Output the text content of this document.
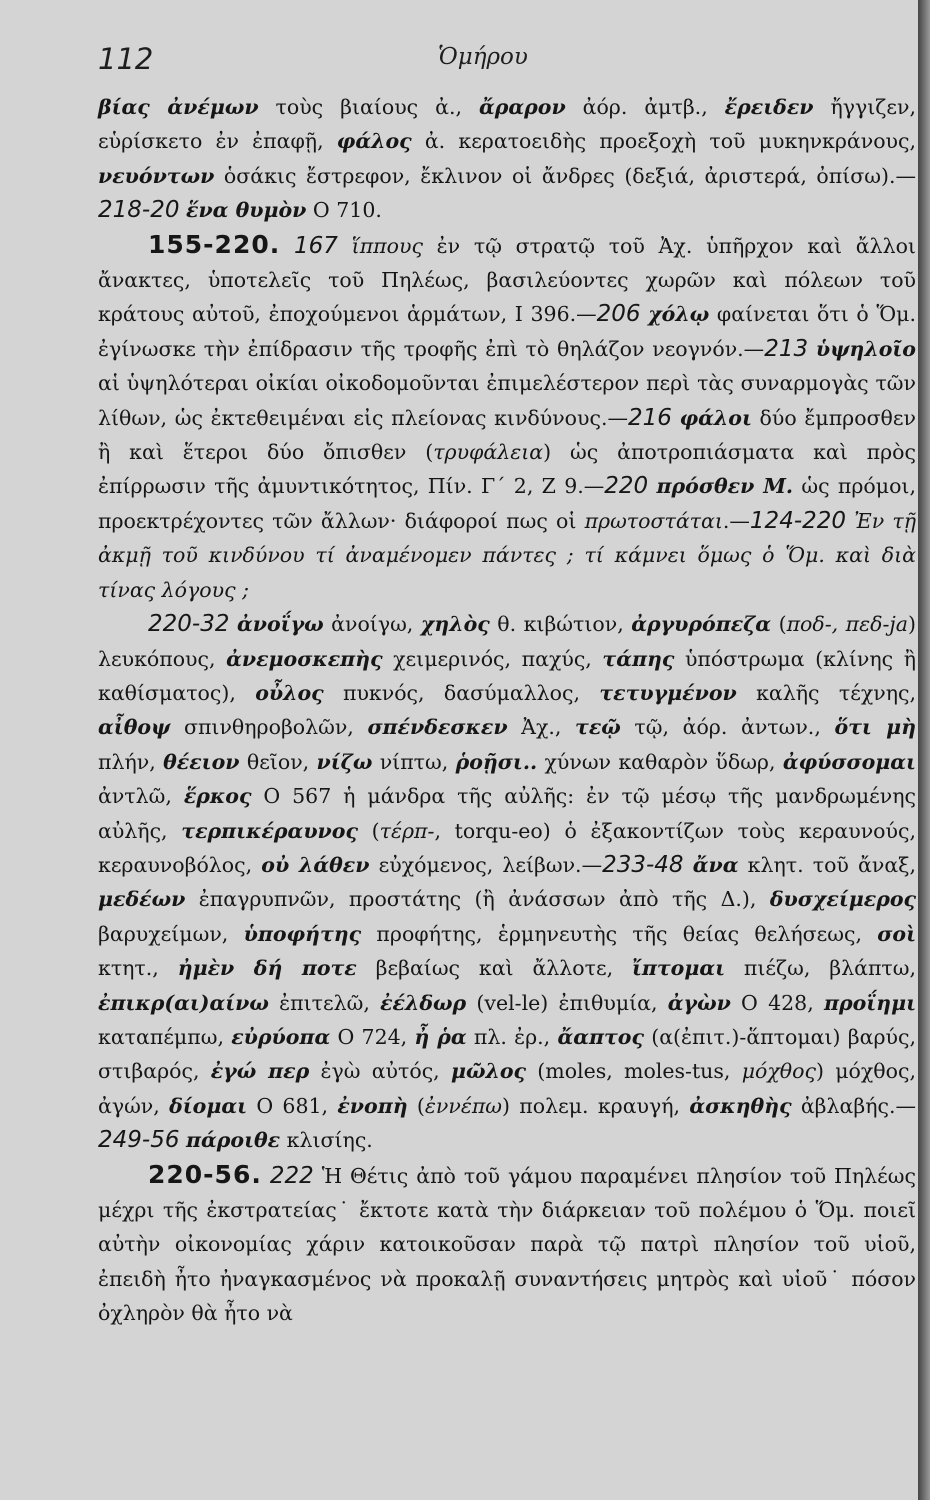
112	Ὁμήρου

βίας ἀνέμων τοὺς βιαίους ἀ., ἄραρον ἀόρ. ἀμτβ., ἔρειδεν ἤγγιζεν, εὑρίσκετο ἐν ἐπαφῇ, φάλος ἀ. κερατοειδὴς προεξοχὴ τοῦ μυκηνκράνους, νευόντων ὁσάκις ἔστρεφον, ἔκλινον οἱ ἄνδρες (δεξιά, ἀριστερά, ὀπίσω).—218-20 ἕνα θυμὸν Ο 710.

155-220. 167 ἵππους ἐν τῷ στρατῷ τοῦ Ἀχ. ὑπῆρχον καὶ ἄλλοι ἄνακτες, ὑποτελεῖς τοῦ Πηλέως, βασιλεύοντες χωρῶν καὶ πόλεων τοῦ κράτους αὐτοῦ, ἐποχούμενοι ἁρμάτων, Ι 396.—206 χόλῳ φαίνεται ὅτι ὁ Ὅμ. ἐγίνωσκε τὴν ἐπίδρασιν τῆς τροφῆς ἐπὶ τὸ θηλάζον νεογνόν.—213 ὑψηλοῖο αἱ ὑψηλότεραι οἰκίαι οἰκοδομοῦνται ἐπιμελέστερον περὶ τὰς συναρμογὰς τῶν λίθων, ὡς ἐκτεθειμέναι εἰς πλείονας κινδύνους.—216 φάλοι δύο ἔμπροσθεν ἢ καὶ ἕτεροι δύο ὄπισθεν (τρυφάλεια) ὡς ἀποτροπιάσματα καὶ πρὸς ἐπίρρωσιν τῆς ἀμυντικότητος, Πίν. Γ΄ 2, Ζ 9.—220 πρόσθεν Μ. ὡς πρόμοι, προεκτρέχοντες τῶν ἄλλων· διάφοροί πως οἱ πρωτοστάται.—124-220 Ἐν τῇ ἀκμῇ τοῦ κινδύνου τί ἀναμένομεν πάντες ; τί κάμνει ὅμως ὁ Ὅμ. καὶ διὰ τίνας λόγους ;

220-32 ἀνοΐγω ἀνοίγω, χηλὸς θ. κιβώτιον, ἀργυρόπεζα (ποδ-, πεδ-ja) λευκόπους, ἀνεμοσκεπὴς χειμερινός, παχύς, τάπης ὑπόστρωμα (κλίνης ἢ καθίσματος), οὖλος πυκνός, δασύμαλλος, τετυγμένον καλῆς τέχνης, αἶθοψ σπινθηροβολῶν, σπένδεσκεν Ἀχ., τεῷ τῷ, ἀόρ. ἀντων., ὅτι μὴ πλήν, θέειον θεῖον, νίζω νίπτω, ῥοῇσι.. χύνων καθαρὸν ὕδωρ, ἀφύσσομαι ἀντλῶ, ἕρκος Ο 567 ἡ μάνδρα τῆς αὐλῆς: ἐν τῷ μέσῳ τῆς μανδρωμένης αὐλῆς, τερπικέραυνος (τέρπ-, torqu-eo) ὁ ἐξακοντίζων τοὺς κεραυνούς, κεραυνοβόλος, οὐ λάθεν εὐχόμενος, λείβων.—233-48 ἄνα κλητ. τοῦ ἄναξ, μεδέων ἐπαγρυπνῶν, προστάτης (ἢ ἀνάσσων ἀπὸ τῆς Δ.), δυσχείμερος βαρυχείμων, ὑποφήτης προφήτης, ἑρμηνευτὴς τῆς θείας θελήσεως, σοὶ κτητ., ἠμὲν δή ποτε βεβαίως καὶ ἄλλοτε, ἴπτομαι πιέζω, βλάπτω, ἐπικρ(αι)αίνω ἐπιτελῶ, ἐέλδωρ (vel-le) ἐπιθυμία, ἀγὼν Ο 428, προΐημι καταπέμπω, εὐρύοπα Ο 724, ἦ ῥα πλ. ἐρ., ἄαπτος (α(ἐπιτ.)-ἅπτομαι) βαρύς, στιβαρός, ἐγώ περ ἐγὼ αὐτός, μῶλος (moles, moles-tus, μόχθος) μόχθος, ἀγών, δίομαι Ο 681, ἐνοπὴ (ἐννέπω) πολεμ. κραυγή, ἀσκηθὴς ἀβλαβής.—249-56 πάροιθε κλισίης.

220-56. 222 Ἡ Θέτις ἀπὸ τοῦ γάμου παραμένει πλησίον τοῦ Πηλέως μέχρι τῆς ἐκστρατείας˙ ἔκτοτε κατὰ τὴν διάρκειαν τοῦ πολέμου ὁ Ὅμ. ποιεῖ αὐτὴν οἰκονομίας χάριν κατοικοῦσαν παρὰ τῷ πατρὶ πλησίον τοῦ υἱοῦ, ἐπειδὴ ἦτο ἠναγκασμένος νὰ προκαλῇ συναντήσεις μητρὸς καὶ υἱοῦ˙ πόσον ὀχληρὸν θὰ ἦτο νὰ
